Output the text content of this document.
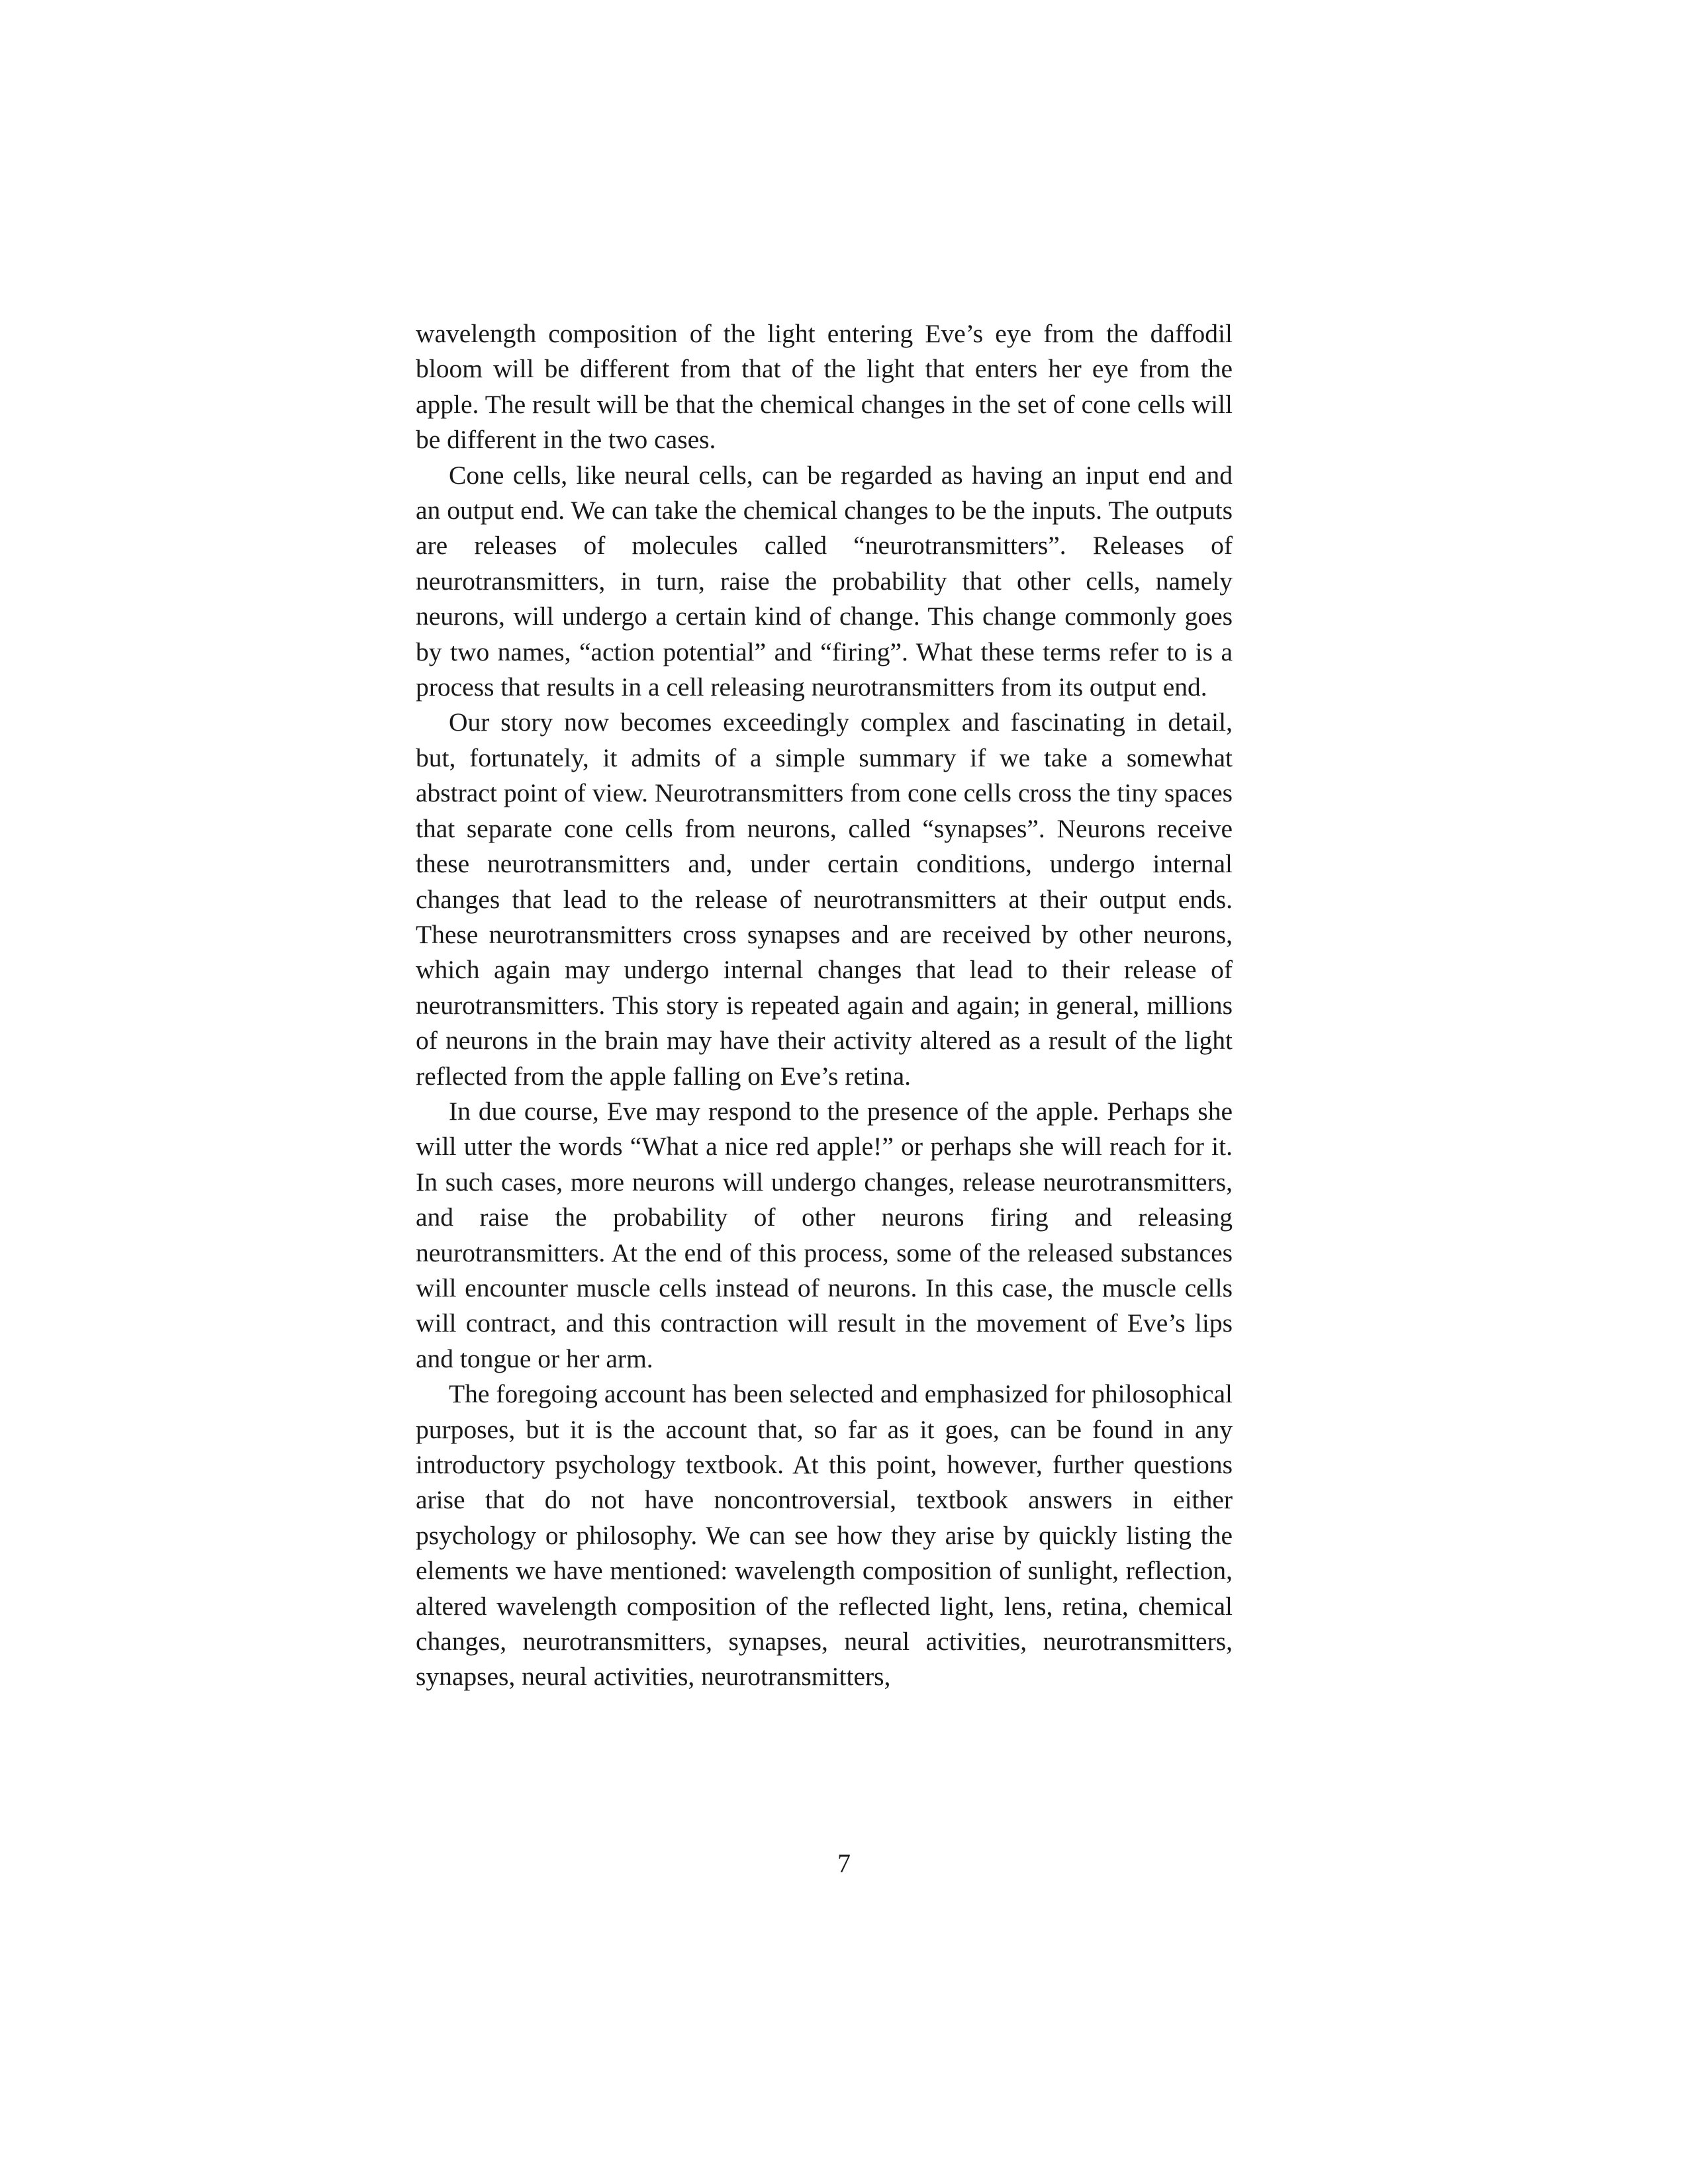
wavelength composition of the light entering Eve’s eye from the daffodil bloom will be different from that of the light that enters her eye from the apple. The result will be that the chemical changes in the set of cone cells will be different in the two cases.

Cone cells, like neural cells, can be regarded as having an input end and an output end. We can take the chemical changes to be the inputs. The outputs are releases of molecules called “neurotransmitters”. Releases of neurotransmitters, in turn, raise the probability that other cells, namely neurons, will undergo a certain kind of change. This change commonly goes by two names, “action potential” and “firing”. What these terms refer to is a process that results in a cell releasing neurotransmitters from its output end.

Our story now becomes exceedingly complex and fascinating in detail, but, fortunately, it admits of a simple summary if we take a somewhat abstract point of view. Neurotransmitters from cone cells cross the tiny spaces that separate cone cells from neurons, called “synapses”. Neurons receive these neurotransmitters and, under certain conditions, undergo internal changes that lead to the release of neurotransmitters at their output ends. These neurotransmitters cross synapses and are received by other neurons, which again may undergo internal changes that lead to their release of neurotransmitters. This story is repeated again and again; in general, millions of neurons in the brain may have their activity altered as a result of the light reflected from the apple falling on Eve’s retina.

In due course, Eve may respond to the presence of the apple. Perhaps she will utter the words “What a nice red apple!” or perhaps she will reach for it. In such cases, more neurons will undergo changes, release neurotransmitters, and raise the probability of other neurons firing and releasing neurotransmitters. At the end of this process, some of the released substances will encounter muscle cells instead of neurons. In this case, the muscle cells will contract, and this contraction will result in the movement of Eve’s lips and tongue or her arm.

The foregoing account has been selected and emphasized for philosophical purposes, but it is the account that, so far as it goes, can be found in any introductory psychology textbook. At this point, however, further questions arise that do not have noncontroversial, textbook answers in either psychology or philosophy. We can see how they arise by quickly listing the elements we have mentioned: wavelength composition of sunlight, reflection, altered wavelength composition of the reflected light, lens, retina, chemical changes, neurotransmitters, synapses, neural activities, neurotransmitters, synapses, neural activities, neurotransmitters,

7
